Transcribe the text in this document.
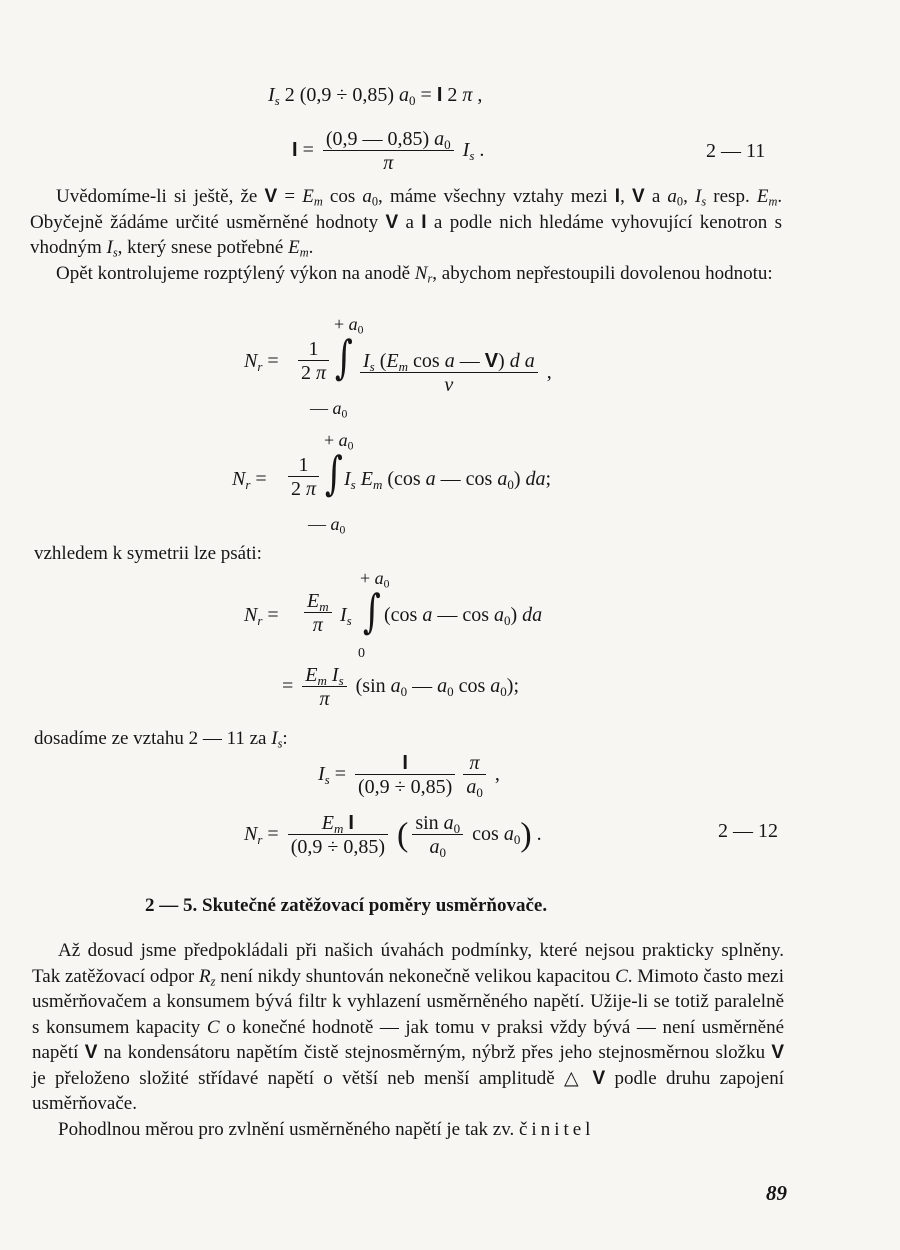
$I_s$ 2 (0,9 ÷ 0,85) $a_0 = I$ 2 π ,
$I = \frac{(0,9 — 0,85) a_0}{\pi} I_s$ .	2 — 11

Uvědomíme-li si ještě, že $V = E_m$ $\cos a_0$, máme všechny vztahy mezi I, V a $a_0$, $I_s$ resp. $E_m$. Obyčejně žádáme určité usměrněné hodnoty V a I a podle nich hledáme vyhovující kenotron s vhodným $I_s$, který snese potřebné $E_m$.

Opět kontrolujeme rozptýlený výkon na anodě $N_r$, abychom nepřestoupili dovolenou hodnotu:

+ $a_0$
$N_r = \frac{1}{2 \pi}$ ∫ $\frac{I_s (E_m \cos a — V) d a}{v}$ ,
— $a_0$
+ $a_0$
$N_r = \frac{1}{2 \pi}$ ∫ $I_s$ $E_m$ (cos a — $\cos a_0$) da;
— $a_0$
vzhledem k symetrii lze psáti:
+ $a_0$
$N_r = \frac{E_m}{\pi} I_s$ ∫ (cos a — $\cos a_0$) da
0
= $\frac{E_m I_s}{\pi} (\sin$ $a_0$ — $a_0$ $\cos a_0$);
dosadíme ze vztahu 2 — 11 za $I_s$:
$I_s = \frac{I}{(0,9 \div 0,85)} \frac{\pi}{a_0}$ ,
$N_r = \frac{E_m I}{(0,9 \div 0,85)}$ ( $\frac{\sin a_0}{a_0}$ $\cos a_0$) .	2 — 12
2 — 5. Skutečné zatěžovací poměry usměrňovače.

Až dosud jsme předpokládali při našich úvahách podmínky, které nejsou prakticky splněny. Tak zatěžovací odpor $R_z$ není nikdy shuntován nekonečně velikou kapacitou C. Mimoto často mezi usměrňovačem a konsumem bývá filtr k vyhlazení usměrněného napětí. Užije-li se totiž paralelně s konsumem kapacity C o konečné hodnotě — jak tomu v praksi vždy bývá — není usměrněné napětí V na kondensátoru napětím čistě stejnosměrným, nýbrž přes jeho stejnosměrnou složku V je přeloženo složité střídavé napětí o větší neb menší amplitudě △ V podle druhu zapojení usměrňovače.

Pohodlnou měrou pro zvlnění usměrněného napětí je tak zv. činitel

89
